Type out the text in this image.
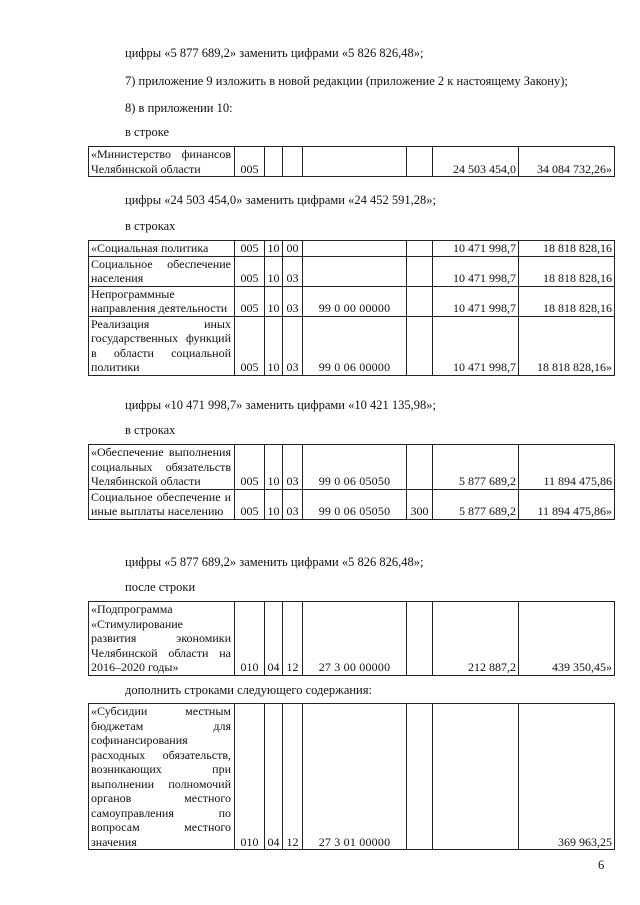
цифры «5 877 689,2» заменить цифрами «5 826 826,48»;
7) приложение 9 изложить в новой редакции (приложение 2 к настоящему Закону);
8) в приложении 10:
в строке
«Министерство финансов Челябинской области	005					24 503 454,0	34 084 732,26»
цифры «24 503 454,0» заменить цифрами «24 452 591,28»;
в строках
«Социальная политика	005	10	00			10 471 998,7	18 818 828,16

Социальное обеспечение населения	005	10	03			10 471 998,7	18 818 828,16

Непрограммные направления деятельности	005	10	03	99 0 00 00000		10 471 998,7	18 818 828,16

Реализация иных государственных функций в области социальной политики	005	10	03	99 0 06 00000		10 471 998,7	18 818 828,16»
цифры «10 471 998,7» заменить цифрами «10 421 135,98»;
в строках
«Обеспечение выполнения социальных обязательств Челябинской области	005	10	03	99 0 06 05050		5 877 689,2	11 894 475,86

Социальное обеспечение и иные выплаты населению	005	10	03	99 0 06 05050	300	5 877 689,2	11 894 475,86»
цифры «5 877 689,2» заменить цифрами «5 826 826,48»;
после строки
«Подпрограмма «Стимулирование развития экономики Челябинской области на 2016–2020 годы»	010	04	12	27 3 00 00000		212 887,2	439 350,45»
дополнить строками следующего содержания:
«Субсидии местным бюджетам для софинансирования расходных обязательств, возникающих при выполнении полномочий органов местного самоуправления по вопросам местного значения	010	04	12	27 3 01 00000			369 963,25
6
